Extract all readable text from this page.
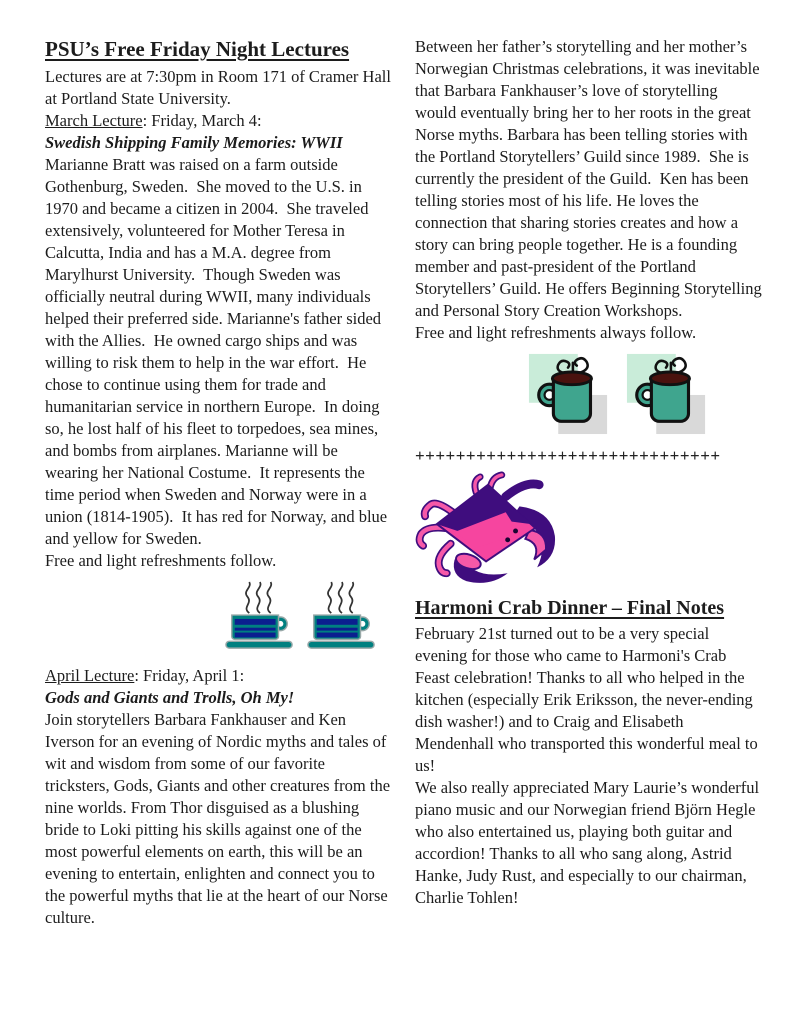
PSU’s Free Friday Night Lectures

Lectures are at 7:30pm in Room 171 of Cramer Hall at Portland State University.

March Lecture: Friday, March 4:

Swedish Shipping Family Memories: WWII

Marianne Bratt was raised on a farm outside Gothenburg, Sweden.  She moved to the U.S. in 1970 and became a citizen in 2004.  She traveled extensively, volunteered for Mother Teresa in Calcutta, India and has a M.A. degree from Marylhurst University.  Though Sweden was officially neutral during WWII, many individuals helped their preferred side. Marianne's father sided with the Allies.  He owned cargo ships and was willing to risk them to help in the war effort.  He chose to continue using them for trade and humanitarian service in northern Europe.  In doing so, he lost half of his fleet to torpedoes, sea mines, and bombs from airplanes. Marianne will be wearing her National Costume.  It represents the time period when Sweden and Norway were in a union (1814-1905).  It has red for Norway, and blue and yellow for Sweden.

Free and light refreshments follow.

April Lecture: Friday, April 1:

Gods and Giants and Trolls, Oh My!

Join storytellers Barbara Fankhauser and Ken Iverson for an evening of Nordic myths and tales of wit and wisdom from some of our favorite tricksters, Gods, Giants and other creatures from the nine worlds. From Thor disguised as a blushing bride to Loki pitting his skills against one of the most powerful elements on earth, this will be an evening to entertain, enlighten and connect you to the powerful myths that lie at the heart of our Norse culture.

Between her father’s storytelling and her mother’s Norwegian Christmas celebrations, it was inevitable that Barbara Fankhauser’s love of storytelling would eventually bring her to her roots in the great Norse myths. Barbara has been telling stories with the Portland Storytellers’ Guild since 1989.  She is currently the president of the Guild.  Ken has been telling stories most of his life. He loves the connection that sharing stories creates and how a story can bring people together. He is a founding member and past-president of the Portland Storytellers’ Guild. He offers Beginning Storytelling and Personal Story Creation Workshops.

Free and light refreshments always follow.

++++++++++++++++++++++++++++++
Harmoni Crab Dinner – Final Notes

February 21st turned out to be a very special evening for those who came to Harmoni's Crab Feast celebration! Thanks to all who helped in the kitchen (especially Erik Eriksson, the never-ending dish washer!) and to Craig and Elisabeth Mendenhall who transported this wonderful meal to us!

We also really appreciated Mary Laurie’s wonderful piano music and our Norwegian friend Björn Hegle who also entertained us, playing both guitar and accordion! Thanks to all who sang along, Astrid Hanke, Judy Rust, and especially to our chairman, Charlie Tohlen!
